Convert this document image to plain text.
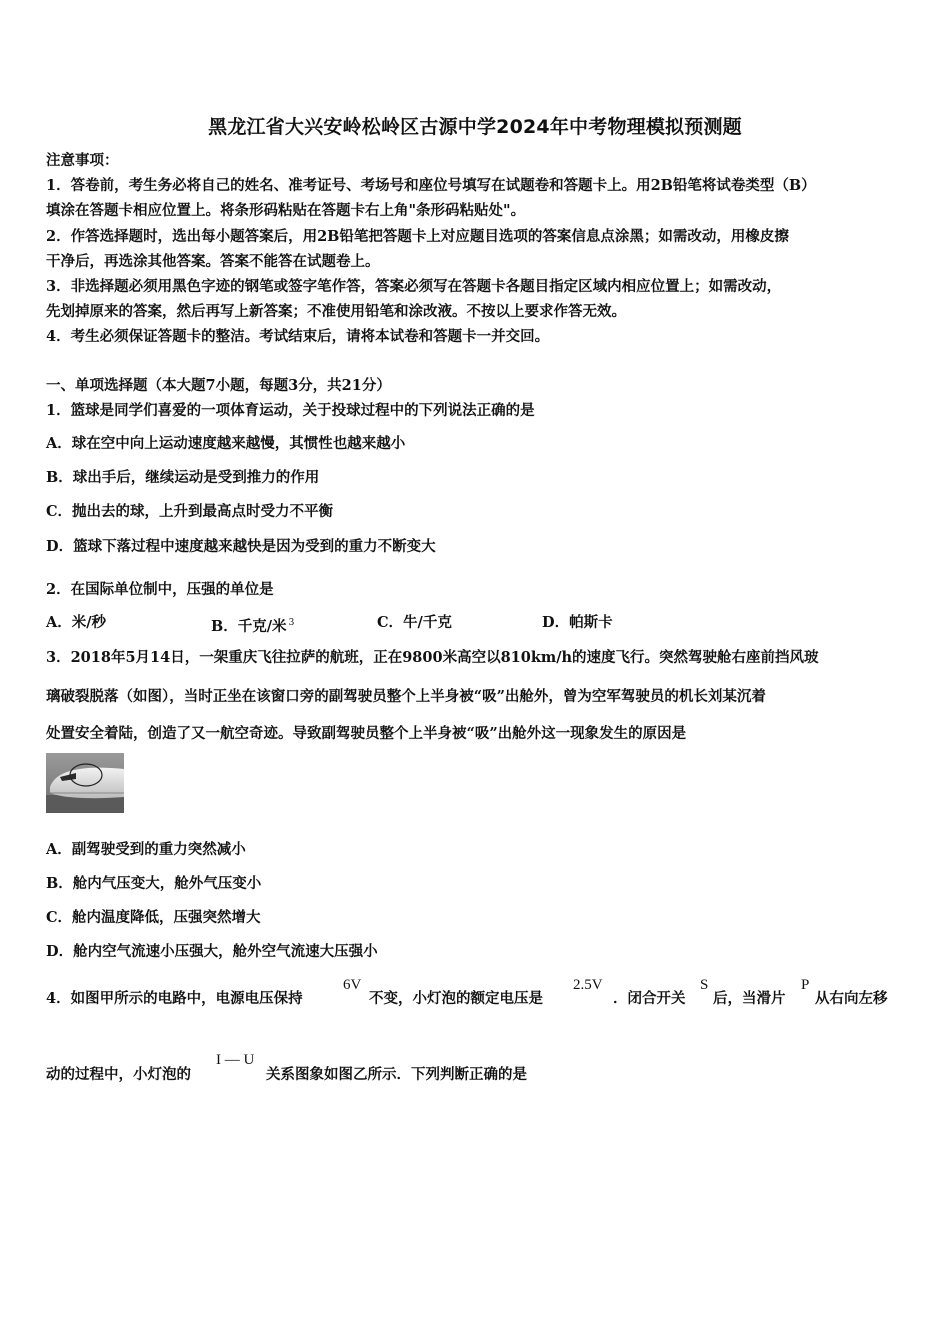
黑龙江省大兴安岭松岭区古源中学2024年中考物理模拟预测题
注意事项：
1．答卷前，考生务必将自己的姓名、准考证号、考场号和座位号填写在试题卷和答题卡上。用2B铅笔将试卷类型（B）
填涂在答题卡相应位置上。将条形码粘贴在答题卡右上角"条形码粘贴处"。
2．作答选择题时，选出每小题答案后，用2B铅笔把答题卡上对应题目选项的答案信息点涂黑；如需改动，用橡皮擦
干净后，再选涂其他答案。答案不能答在试题卷上。
3．非选择题必须用黑色字迹的钢笔或签字笔作答，答案必须写在答题卡各题目指定区域内相应位置上；如需改动，
先划掉原来的答案，然后再写上新答案；不准使用铅笔和涂改液。不按以上要求作答无效。
4．考生必须保证答题卡的整洁。考试结束后，请将本试卷和答题卡一并交回。
一、单项选择题（本大题7小题，每题3分，共21分）
1．篮球是同学们喜爱的一项体育运动，关于投球过程中的下列说法正确的是
A．球在空中向上运动速度越来越慢，其惯性也越来越小
B．球出手后，继续运动是受到推力的作用
C．抛出去的球，上升到最高点时受力不平衡
D．篮球下落过程中速度越来越快是因为受到的重力不断变大
2．在国际单位制中，压强的单位是
A．米/秒	B．千克/米 $^3$	C．牛/千克	D．帕斯卡
3．2018年5月14日，一架重庆飞往拉萨的航班，正在9800米高空以810km/h的速度飞行。突然驾驶舱右座前挡风玻
璃破裂脱落（如图），当时正坐在该窗口旁的副驾驶员整个上半身被“吸”出舱外，曾为空军驾驶员的机长刘某沉着
处置安全着陆，创造了又一航空奇迹。导致副驾驶员整个上半身被“吸”出舱外这一现象发生的原因是
A．副驾驶受到的重力突然减小
B．舱内气压变大，舱外气压变小
C．舱内温度降低，压强突然增大
D．舱内空气流速小压强大，舱外空气流速大压强小
4．如图甲所示的电路中，电源电压保持
6V
不变，小灯泡的额定电压是
2.5V
．闭合开关
S
后，当滑片
P
从右向左移
动的过程中，小灯泡的
I — U
关系图象如图乙所示．下列判断正确的是
